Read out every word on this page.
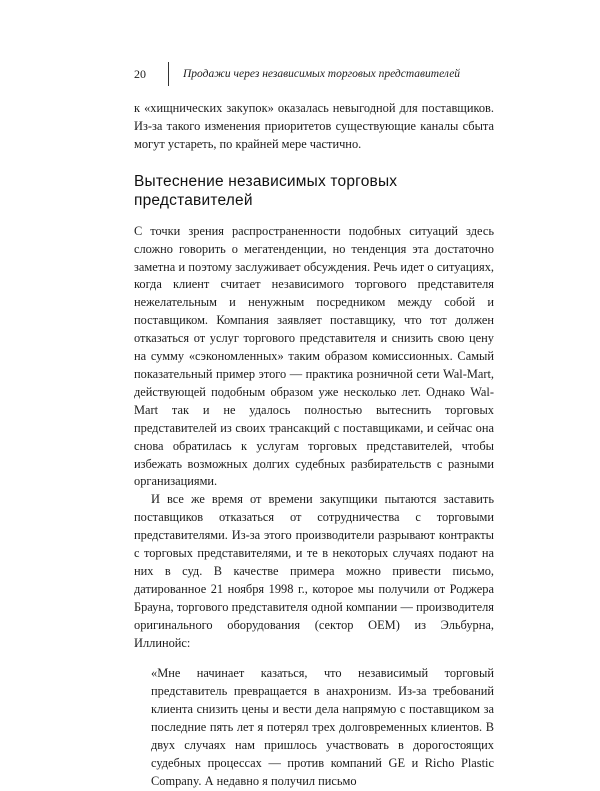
20	Продажи через независимых торговых представителей

к «хищнических закупок» оказалась невыгодной для поставщиков. Из-за такого изменения приоритетов существующие каналы сбыта могут устареть, по крайней мере частично.

Вытеснение независимых торговых представителей

С точки зрения распространенности подобных ситуаций здесь сложно говорить о мегатенденции, но тенденция эта достаточно заметна и поэтому заслуживает обсуждения. Речь идет о ситуациях, когда клиент считает независимого торгового представителя нежелательным и ненужным посредником между собой и поставщиком. Компания заявляет поставщику, что тот должен отказаться от услуг торгового представителя и снизить свою цену на сумму «сэкономленных» таким образом комиссионных. Самый показательный пример этого — практика розничной сети Wal-Mart, действующей подобным образом уже несколько лет. Однако Wal-Mart так и не удалось полностью вытеснить торговых представителей из своих трансакций с поставщиками, и сейчас она снова обратилась к услугам торговых представителей, чтобы избежать возможных долгих судебных разбирательств с разными организациями.

И все же время от времени закупщики пытаются заставить поставщиков отказаться от сотрудничества с торговыми представителями. Из-за этого производители разрывают контракты с торговых представителями, и те в некоторых случаях подают на них в суд. В качестве примера можно привести письмо, датированное 21 ноября 1998 г., которое мы получили от Роджера Брауна, торгового представителя одной компании — производителя оригинального оборудования (сектор OEM) из Эльбурна, Иллинойс:

«Мне начинает казаться, что независимый торговый представитель превращается в анахронизм. Из-за требований клиента снизить цены и вести дела напрямую с поставщиком за последние пять лет я потерял трех долговременных клиентов. В двух случаях нам пришлось участвовать в дорогостоящих судебных процессах — против компаний GE и Richo Plastic Company. А недавно я получил письмо
